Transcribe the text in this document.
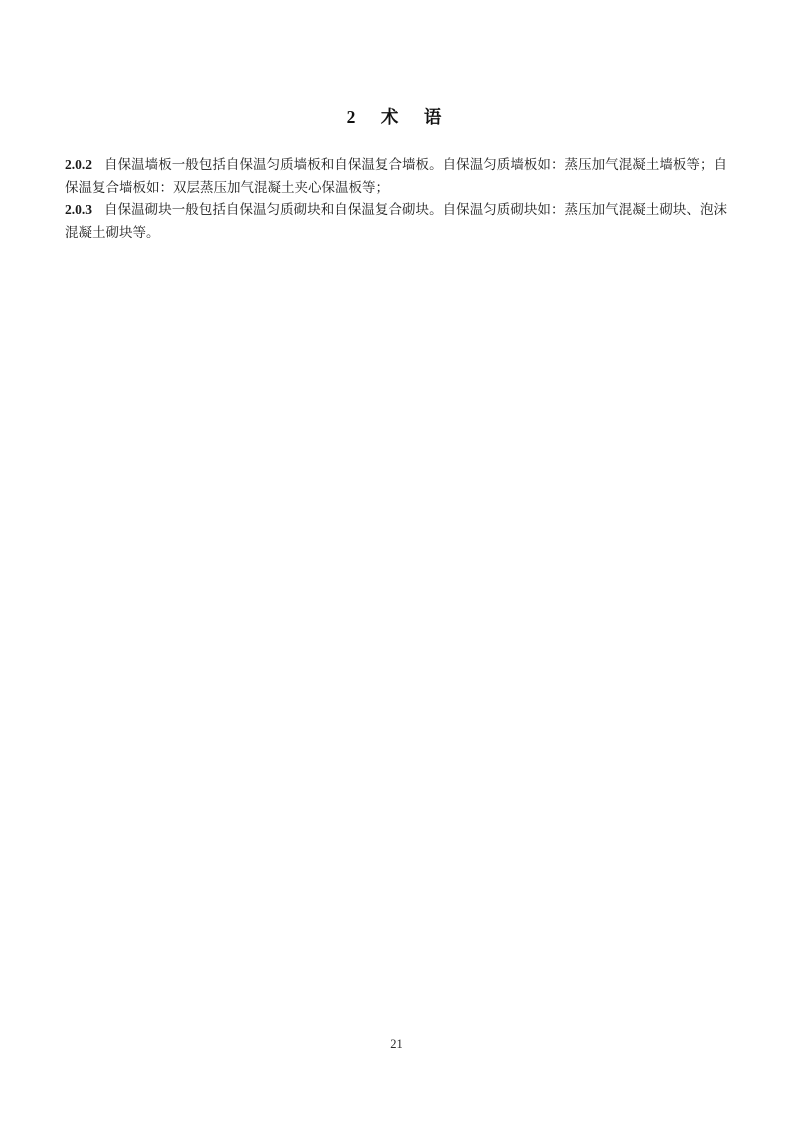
2　术　语

2.0.2 自保温墙板一般包括自保温匀质墙板和自保温复合墙板。自保温匀质墙板如：蒸压加气混凝土墙板等；自保温复合墙板如：双层蒸压加气混凝土夹心保温板等；

2.0.3 自保温砌块一般包括自保温匀质砌块和自保温复合砌块。自保温匀质砌块如：蒸压加气混凝土砌块、泡沫混凝土砌块等。

21
